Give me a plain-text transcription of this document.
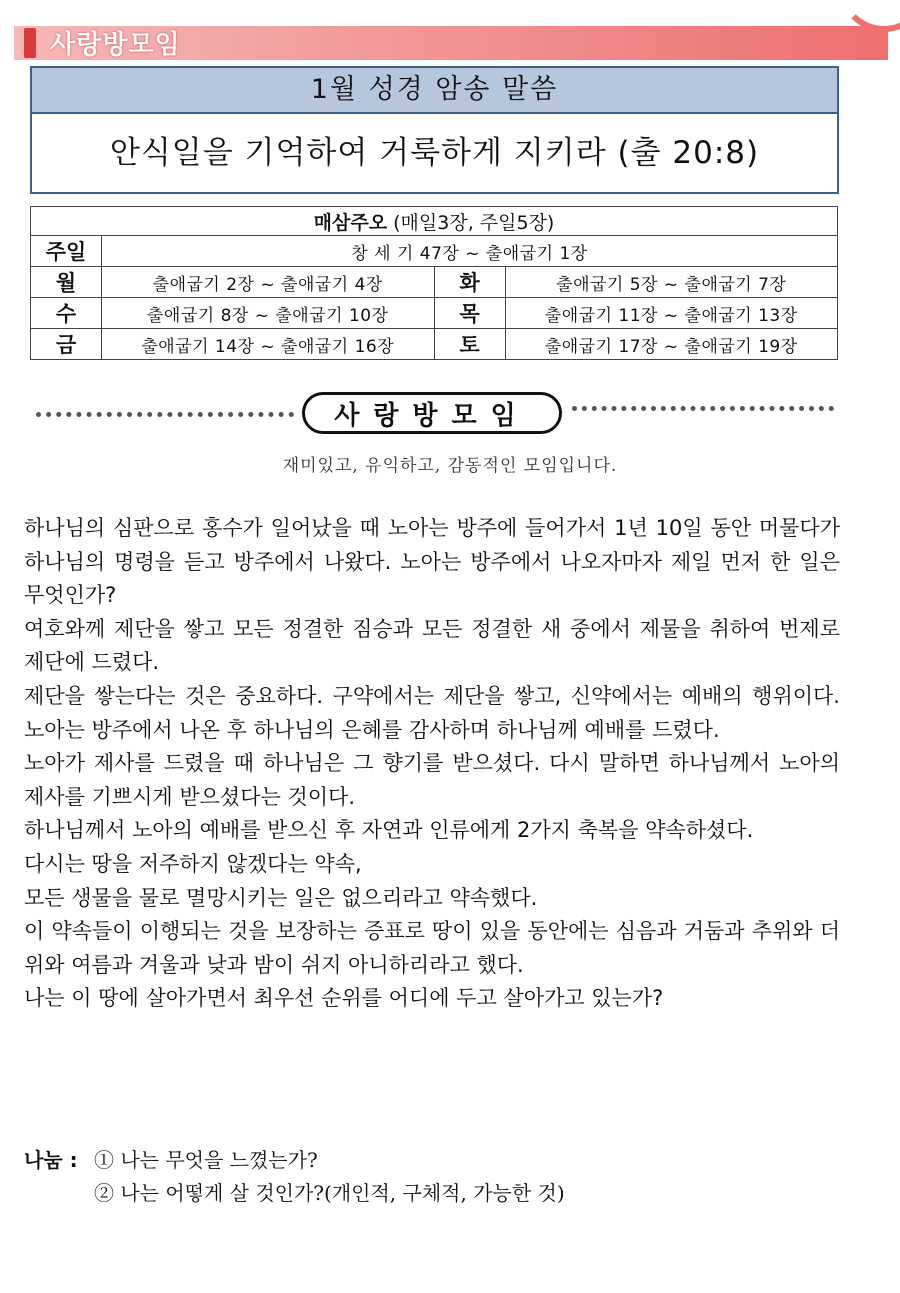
사랑방모임
1월 성경 암송 말씀
안식일을 기억하여 거룩하게 지키라 (출 20:8)
매삼주오 (매일3장, 주일5장)			
주일	창 세 기 47장 ~ 출애굽기 1장		
월	출애굽기 2장 ~ 출애굽기 4장	화	출애굽기 5장 ~ 출애굽기 7장
수	출애굽기 8장 ~ 출애굽기 10장	목	출애굽기 11장 ~ 출애굽기 13장
금	출애굽기 14장 ~ 출애굽기 16장	토	출애굽기 17장 ~ 출애굽기 19장
사랑방모임
재미있고, 유익하고, 감동적인 모임입니다.

하나님의 심판으로 홍수가 일어났을 때 노아는 방주에 들어가서 1년 10일 동안 머물다가 하나님의 명령을 듣고 방주에서 나왔다. 노아는 방주에서 나오자마자 제일 먼저 한 일은 무엇인가?

여호와께 제단을 쌓고 모든 정결한 짐승과 모든 정결한 새 중에서 제물을 취하여 번제로 제단에 드렸다.

제단을 쌓는다는 것은 중요하다. 구약에서는 제단을 쌓고, 신약에서는 예배의 행위이다. 노아는 방주에서 나온 후 하나님의 은혜를 감사하며 하나님께 예배를 드렸다.

노아가 제사를 드렸을 때 하나님은 그 향기를 받으셨다. 다시 말하면 하나님께서 노아의 제사를 기쁘시게 받으셨다는 것이다.

하나님께서 노아의 예배를 받으신 후 자연과 인류에게 2가지 축복을 약속하셨다.

다시는 땅을 저주하지 않겠다는 약속,

모든 생물을 물로 멸망시키는 일은 없으리라고 약속했다.

이 약속들이 이행되는 것을 보장하는 증표로 땅이 있을 동안에는 심음과 거둠과 추위와 더위와 여름과 겨울과 낮과 밤이 쉬지 아니하리라고 했다.

나는 이 땅에 살아가면서 최우선 순위를 어디에 두고 살아가고 있는가?

나눔 : ① 나는 무엇을 느꼈는가?
② 나는 어떻게 살 것인가?(개인적, 구체적, 가능한 것)
